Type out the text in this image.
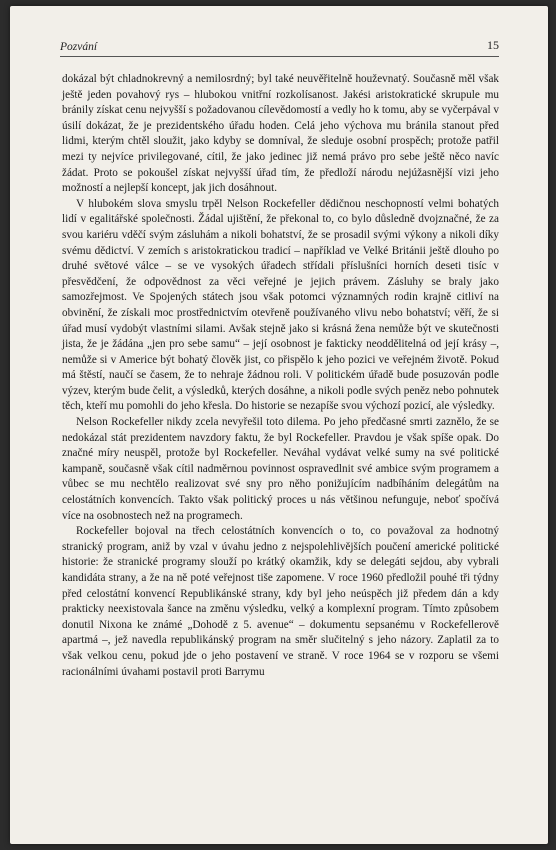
Pozvání	15

dokázal být chladnokrevný a nemilosrdný; byl také neuvěřitelně houževnatý. Současně měl však ještě jeden povahový rys – hlubokou vnitřní rozkolísanost. Jakési aristokratické skrupule mu bránily získat cenu nejvyšší s požadovanou cílevědomostí a vedly ho k tomu, aby se vyčerpával v úsilí dokázat, že je prezidentského úřadu hoden. Celá jeho výchova mu bránila stanout před lidmi, kterým chtěl sloužit, jako kdyby se domníval, že sleduje osobní prospěch; protože patřil mezi ty nejvíce privilegované, cítil, že jako jedinec již nemá právo pro sebe ještě něco navíc žádat. Proto se pokoušel získat nejvyšší úřad tím, že předloží národu nejúžasnější vizi jeho možností a nejlepší koncept, jak jich dosáhnout.

V hlubokém slova smyslu trpěl Nelson Rockefeller dědičnou neschopností velmi bohatých lidí v egalitářské společnosti. Žádal ujištění, že překonal to, co bylo důsledně dvojznačné, že za svou kariéru vděčí svým zásluhám a nikoli bohatství, že se prosadil svými výkony a nikoli díky svému dědictví. V zemích s aristokratickou tradicí – například ve Velké Británii ještě dlouho po druhé světové válce – se ve vysokých úřadech střídali příslušníci horních deseti tisíc v přesvědčení, že odpovědnost za věci veřejné je jejich právem. Zásluhy se braly jako samozřejmost. Ve Spojených státech jsou však potomci významných rodin krajně citliví na obvinění, že získali moc prostřednictvím otevřeně používaného vlivu nebo bohatství; věří, že si úřad musí vydobýt vlastními silami. Avšak stejně jako si krásná žena nemůže být ve skutečnosti jista, že je žádána „jen pro sebe samu“ – její osobnost je fakticky neoddělitelná od její krásy –, nemůže si v Americe být bohatý člověk jist, co přispělo k jeho pozici ve veřejném životě. Pokud má štěstí, naučí se časem, že to nehraje žádnou roli. V politickém úřadě bude posuzován podle výzev, kterým bude čelit, a výsledků, kterých dosáhne, a nikoli podle svých peněz nebo pohnutek těch, kteří mu pomohli do jeho křesla. Do historie se nezapíše svou výchozí pozicí, ale výsledky.

Nelson Rockefeller nikdy zcela nevyřešil toto dilema. Po jeho předčasné smrti zaznělo, že se nedokázal stát prezidentem navzdory faktu, že byl Rockefeller. Pravdou je však spíše opak. Do značné míry neuspěl, protože byl Rockefeller. Neváhal vydávat velké sumy na své politické kampaně, současně však cítil nadměrnou povinnost ospravedlnit své ambice svým programem a vůbec se mu nechtělo realizovat své sny pro něho ponižujícím nadbíháním delegátům na celostátních konvencích. Takto však politický proces u nás většinou nefunguje, neboť spočívá více na osobnostech než na programech.

Rockefeller bojoval na třech celostátních konvencích o to, co považoval za hodnotný stranický program, aniž by vzal v úvahu jedno z nejspolehlivějších poučení americké politické historie: že stranické programy slouží po krátký okamžik, kdy se delegáti sejdou, aby vybrali kandidáta strany, a že na ně poté veřejnost tiše zapomene. V roce 1960 předložil pouhé tři týdny před celostátní konvencí Republikánské strany, kdy byl jeho neúspěch již předem dán a kdy prakticky neexistovala šance na změnu výsledku, velký a komplexní program. Tímto způsobem donutil Nixona ke známé „Dohodě z 5. avenue“ – dokumentu sepsanému v Rockefellerově apartmá –, jež navedla republikánský program na směr slučitelný s jeho názory. Zaplatil za to však velkou cenu, pokud jde o jeho postavení ve straně. V roce 1964 se v rozporu se všemi racionálními úvahami postavil proti Barrymu
